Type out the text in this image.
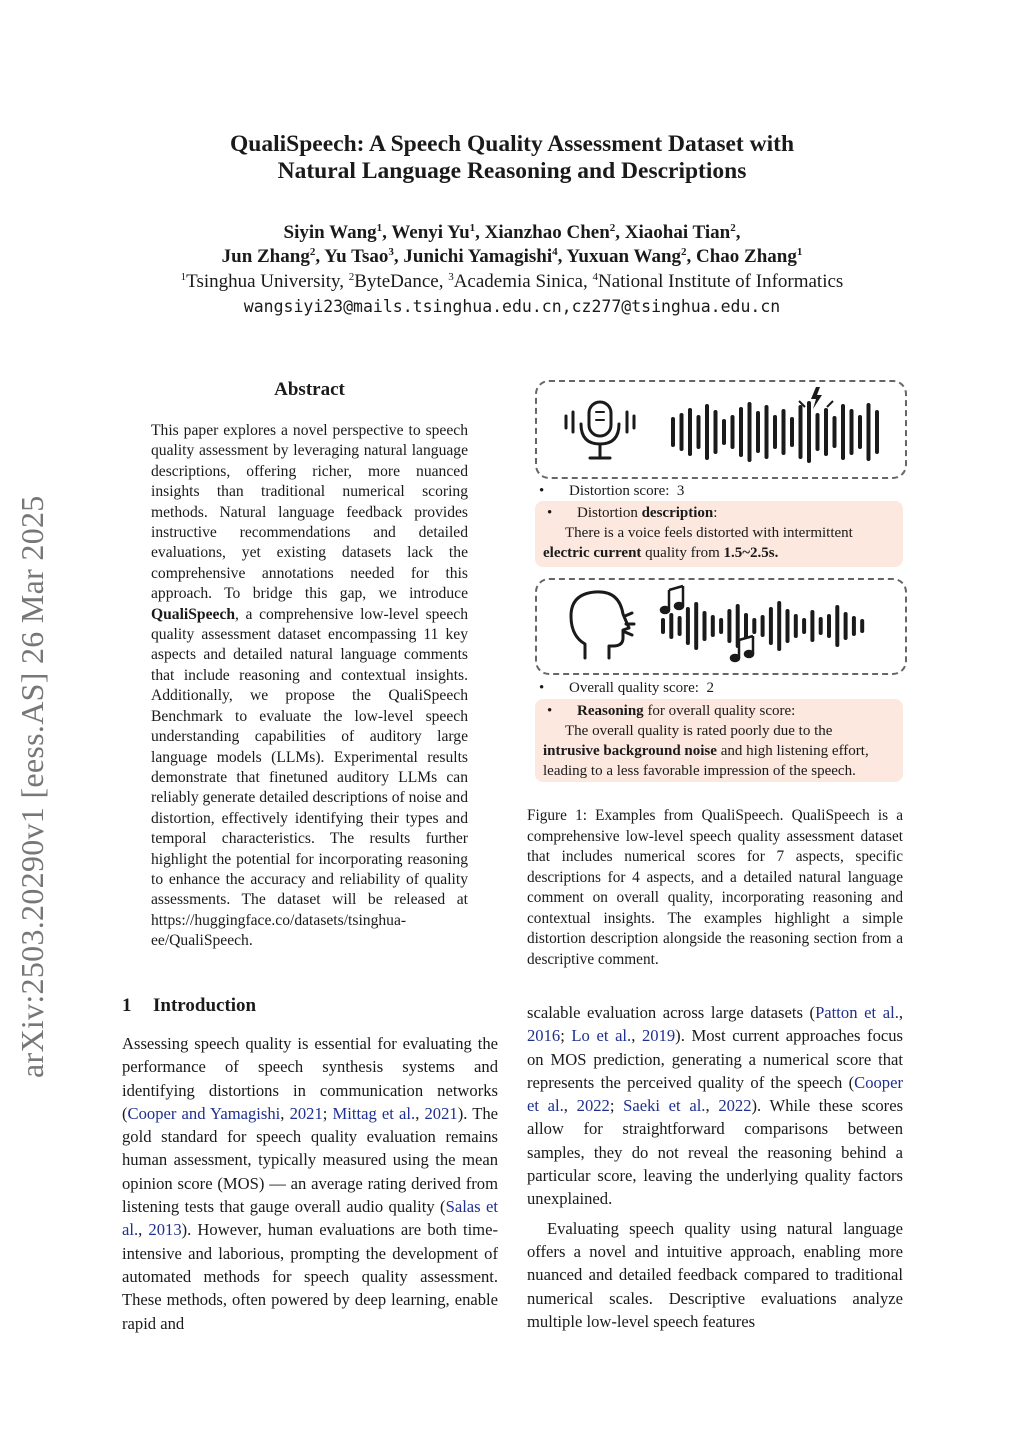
arXiv:2503.20290v1 [eess.AS] 26 Mar 2025
QualiSpeech: A Speech Quality Assessment Dataset with
Natural Language Reasoning and Descriptions
Siyin Wang$^1$, Wenyi Yu$^1$, Xianzhao Chen$^2$, Xiaohai Tian$^2$,
Jun Zhang$^2$, Yu Tsao$^3$, Junichi Yamagishi$^4$, Yuxuan Wang$^2$, Chao Zhang$^1$
$^1$Tsinghua University, $^2$ByteDance, $^3$Academia Sinica, $^4$National Institute of Informatics
wangsiyi23@mails.tsinghua.edu.cn,cz277@tsinghua.edu.cn
Abstract
This paper explores a novel perspective to speech quality assessment by leveraging natural language descriptions, offering richer, more nuanced insights than traditional numerical scoring methods. Natural language feedback provides instructive recommendations and detailed evaluations, yet existing datasets lack the comprehensive annotations needed for this approach. To bridge this gap, we introduce QualiSpeech, a comprehensive low-level speech quality assessment dataset encompassing 11 key aspects and detailed natural language comments that include reasoning and contextual insights. Additionally, we propose the QualiSpeech Benchmark to evaluate the low-level speech understanding capabilities of auditory large language models (LLMs). Experimental results demonstrate that finetuned auditory LLMs can reliably generate detailed descriptions of noise and distortion, effectively identifying their types and temporal characteristics. The results further highlight the potential for incorporating reasoning to enhance the accuracy and reliability of quality assessments. The dataset will be released at https://huggingface.co/datasets/tsinghua-ee/QualiSpeech.
• Distortion score: 3
• Distortion description:
There is a voice feels distorted with intermittent
electric current quality from 1.5~2.5s.
• Overall quality score: 2
• Reasoning for overall quality score:
The overall quality is rated poorly due to the
intrusive background noise and high listening effort,
leading to a less favorable impression of the speech.
Figure 1: Examples from QualiSpeech. QualiSpeech is a comprehensive low-level speech quality assessment dataset that includes numerical scores for 7 aspects, specific descriptions for 4 aspects, and a detailed natural language comment on overall quality, incorporating reasoning and contextual insights. The examples highlight a simple distortion description alongside the reasoning section from a descriptive comment.
1 Introduction
Assessing speech quality is essential for evaluating the performance of speech synthesis systems and identifying distortions in communication networks (Cooper and Yamagishi, 2021; Mittag et al., 2021). The gold standard for speech quality evaluation remains human assessment, typically measured using the mean opinion score (MOS) — an average rating derived from listening tests that gauge overall audio quality (Salas et al., 2013). However, human evaluations are both time-intensive and laborious, prompting the development of automated methods for speech quality assessment. These methods, often powered by deep learning, enable rapid and

scalable evaluation across large datasets (Patton et al., 2016; Lo et al., 2019). Most current approaches focus on MOS prediction, generating a numerical score that represents the perceived quality of the speech (Cooper et al., 2022; Saeki et al., 2022). While these scores allow for straightforward comparisons between samples, they do not reveal the reasoning behind a particular score, leaving the underlying quality factors unexplained.

Evaluating speech quality using natural language offers a novel and intuitive approach, enabling more nuanced and detailed feedback compared to traditional numerical scales. Descriptive evaluations analyze multiple low-level speech features
